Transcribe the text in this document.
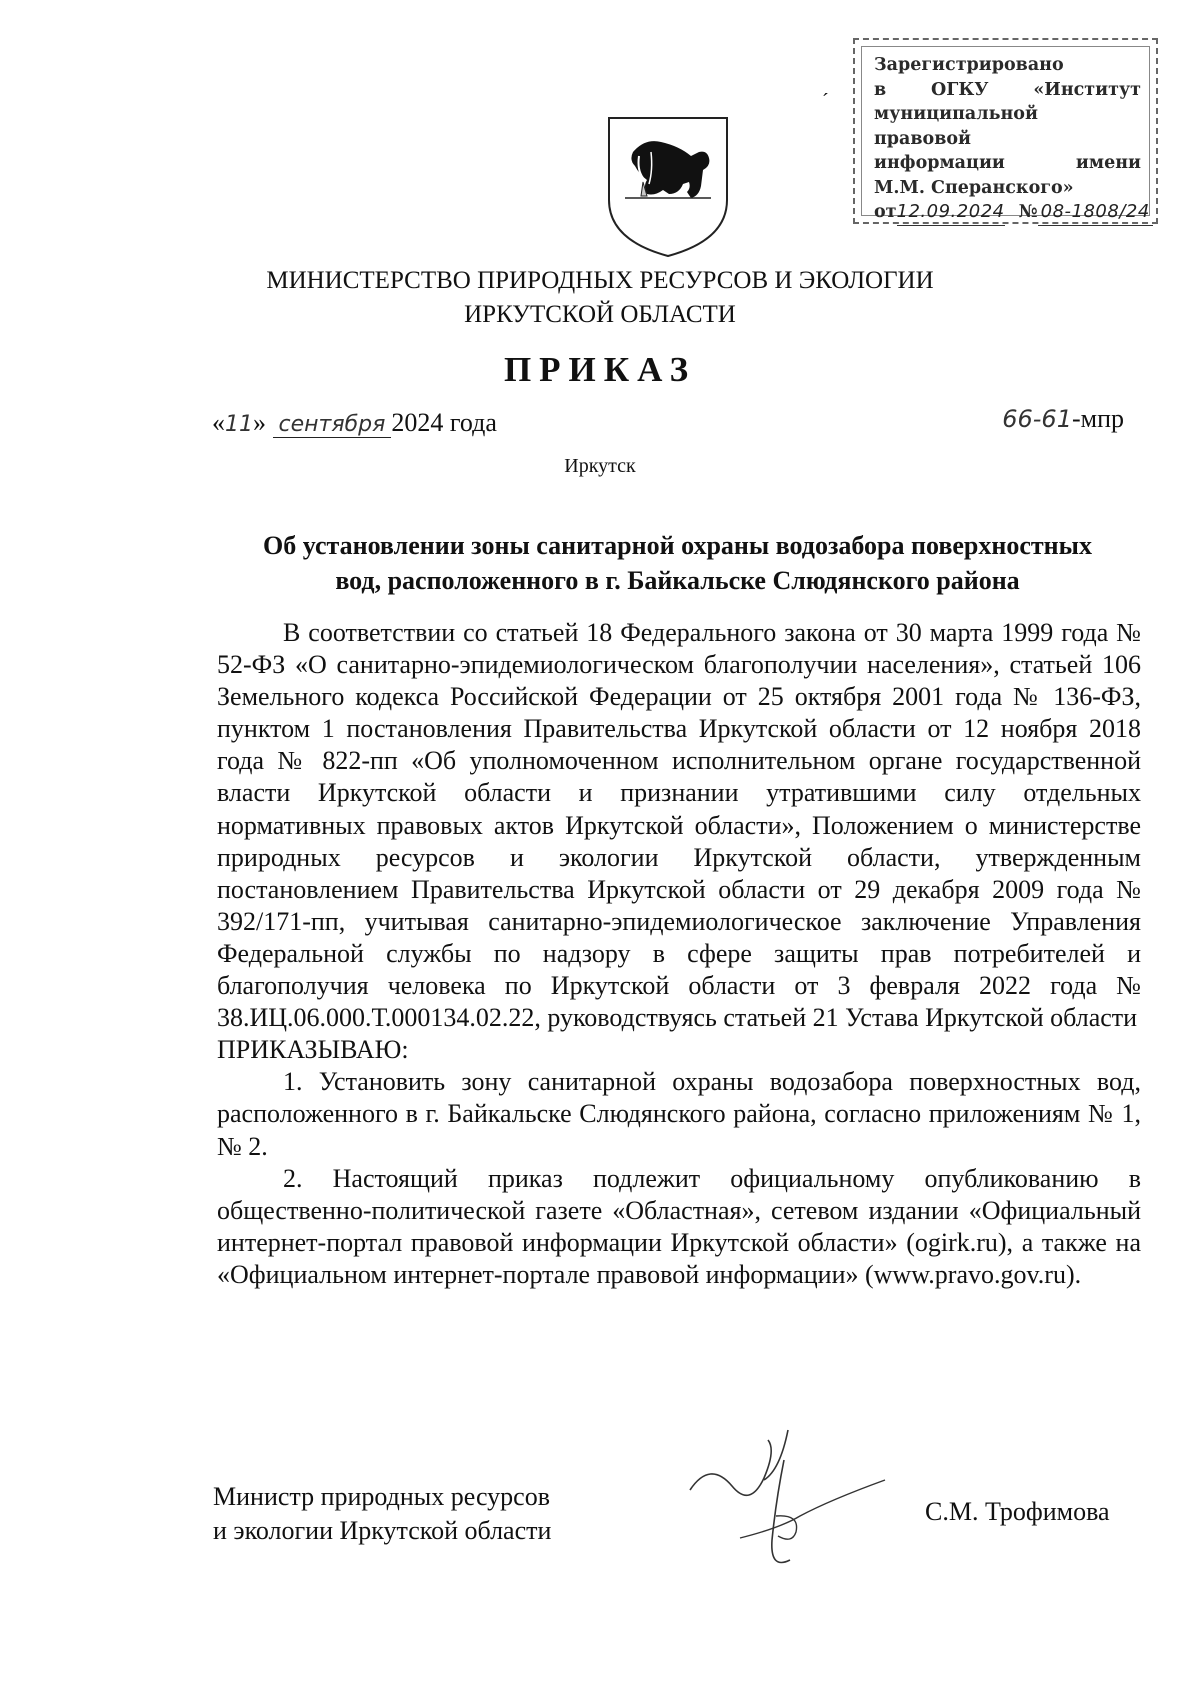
Зарегистрировано
в	ОГКУ	«Институт
муниципальной правовой
информации	имени
М.М. Сперанского»
от 12.09.2024 № 08-1808/24
ˊ
МИНИСТЕРСТВО ПРИРОДНЫХ РЕСУРСОВ И ЭКОЛОГИИ
ИРКУТСКОЙ ОБЛАСТИ
ПРИКАЗ
«11» сентября 2024 года	66-61-мпр
Иркутск
Об установлении зоны санитарной охраны водозабора поверхностных
вод, расположенного в г. Байкальске Слюдянского района

В соответствии со статьей 18 Федерального закона от 30 марта 1999 года № 52-ФЗ «О санитарно-эпидемиологическом благополучии населения», статьей 106 Земельного кодекса Российской Федерации от 25 октября 2001 года № 136-ФЗ, пунктом 1 постановления Правительства Иркутской области от 12 ноября 2018 года № 822-пп «Об уполномоченном исполнительном органе государственной власти Иркутской области и признании утратившими силу отдельных нормативных правовых актов Иркутской области», Положением о министерстве природных ресурсов и экологии Иркутской области, утвержденным постановлением Правительства Иркутской области от 29 декабря 2009 года № 392/171-пп, учитывая санитарно-эпидемиологическое заключение Управления Федеральной службы по надзору в сфере защиты прав потребителей и благополучия человека по Иркутской области от 3 февраля 2022 года № 38.ИЦ.06.000.Т.000134.02.22, руководствуясь статьей 21 Устава Иркутской области

ПРИКАЗЫВАЮ:

1. Установить зону санитарной охраны водозабора поверхностных вод, расположенного в г. Байкальске Слюдянского района, согласно приложениям № 1, № 2.

2. Настоящий приказ подлежит официальному опубликованию в общественно-политической газете «Областная», сетевом издании «Официальный интернет-портал правовой информации Иркутской области» (ogirk.ru), а также на «Официальном интернет-портале правовой информации» (www.pravo.gov.ru).

Министр природных ресурсов
и экологии Иркутской области
С.М. Трофимова
